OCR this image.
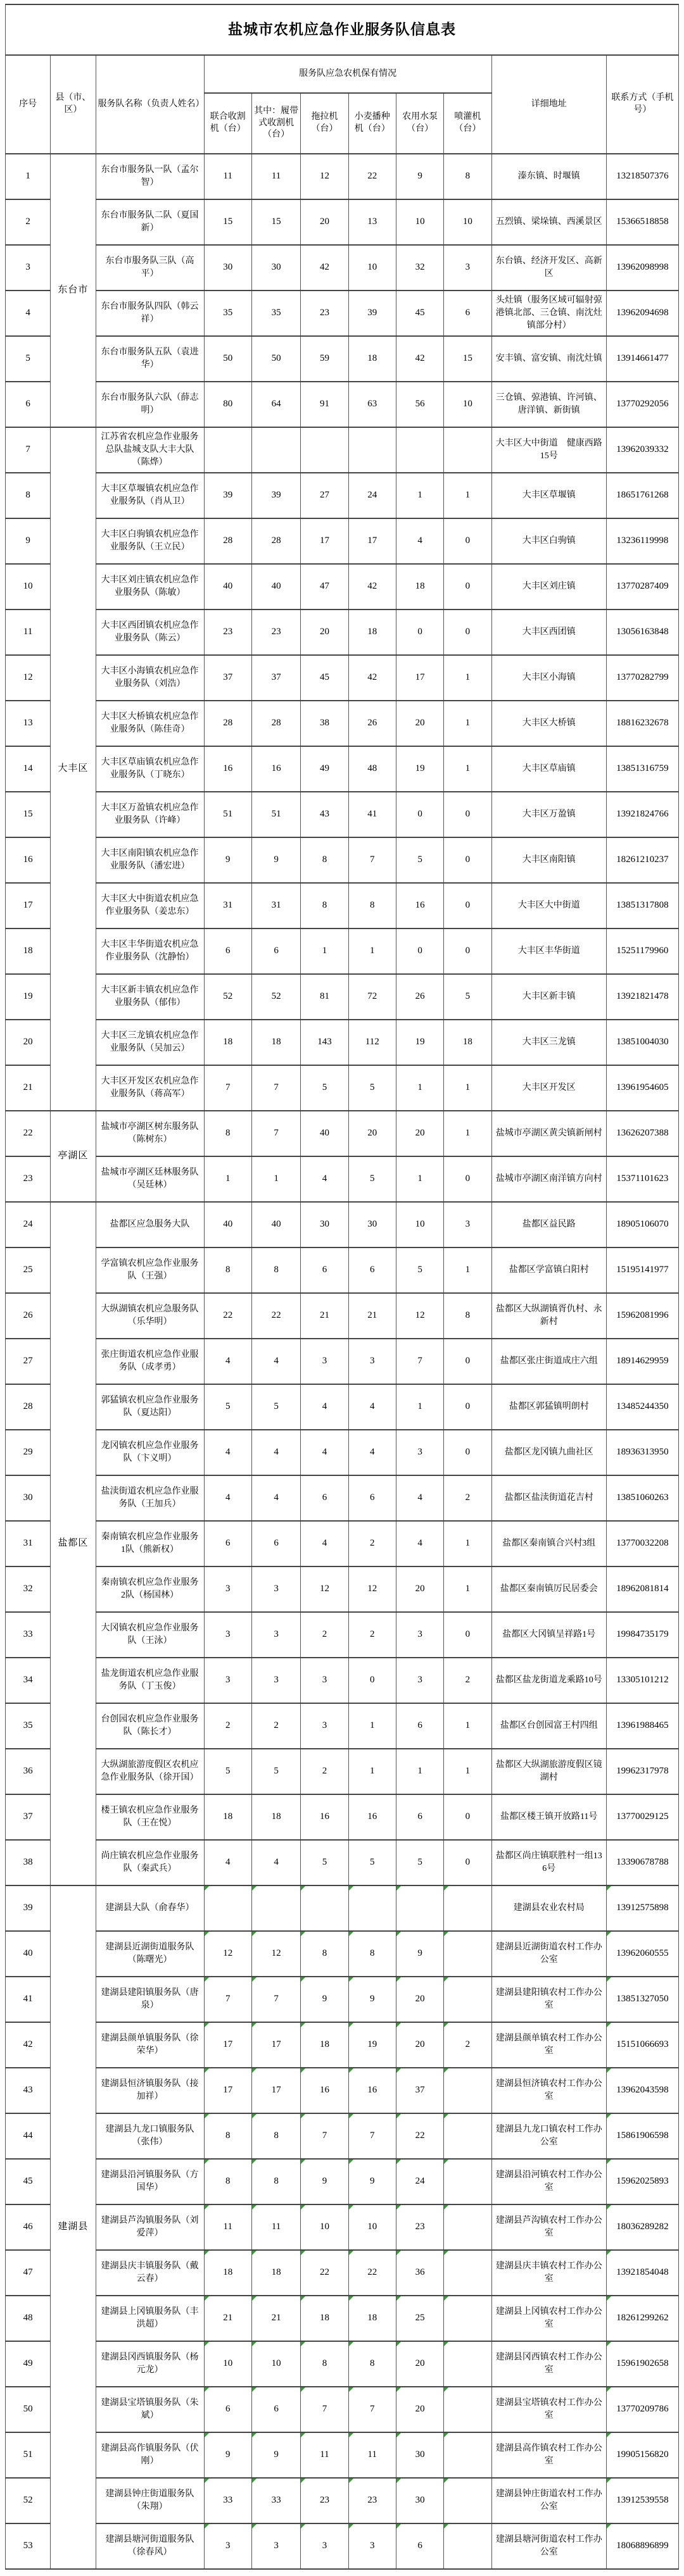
盐城市农机应急作业服务队信息表										
序号	县（市、区）	服务队名称（负责人姓名）	服务队应急农机保有情况						详细地址	联系方式（手机号）
			联合收割机（台）	其中：履带式收割机（台）	拖拉机（台）	小麦播种机（台）	农用水泵（台）	喷灌机（台）		
1	东台市	东台市服务队一队（孟尔智）	11	11	12	22	9	8	溱东镇、时堰镇	13218507376
2		东台市服务队二队（夏国新）	15	15	20	13	10	10	五烈镇、梁垛镇、西溪景区	15366518858
3		东台市服务队三队（高平）	30	30	42	10	32	3	东台镇、经济开发区、高新区	13962098998
4		东台市服务队四队（韩云祥）	35	35	23	39	45	6	头灶镇（服务区域可辐射弶港镇北部、三仓镇、南沈灶镇部分村）	13962094698
5		东台市服务队五队（袁进华）	50	50	59	18	42	15	安丰镇、富安镇、南沈灶镇	13914661477
6		东台市服务队六队（薛志明）	80	64	91	63	56	10	三仓镇、弶港镇、许河镇、唐洋镇、新街镇	13770292056
7	大丰区	江苏省农机应急作业服务总队盐城支队大丰大队（陈烨）							大丰区大中街道　健康西路15号	13962039332
8		大丰区草堰镇农机应急作业服务队（肖从卫）	39	39	27	24	1	1	大丰区草堰镇	18651761268
9		大丰区白驹镇农机应急作业服务队（王立民）	28	28	17	17	4	0	大丰区白驹镇	13236119998
10		大丰区刘庄镇农机应急作业服务队（陈敏）	40	40	47	42	18	0	大丰区刘庄镇	13770287409
11		大丰区西团镇农机应急作业服务队（陈云）	23	23	20	18	0	0	大丰区西团镇	13056163848
12		大丰区小海镇农机应急作业服务队（刘浩）	37	37	45	42	17	1	大丰区小海镇	13770282799
13		大丰区大桥镇农机应急作业服务队（陈佳奇）	28	28	38	26	20	1	大丰区大桥镇	18816232678
14		大丰区草庙镇农机应急作业服务队（丁晓东）	16	16	49	48	19	1	大丰区草庙镇	13851316759
15		大丰区万盈镇农机应急作业服务队（许峰）	51	51	43	41	0	0	大丰区万盈镇	13921824766
16		大丰区南阳镇农机应急作业服务队（潘宏进）	9	9	8	7	5	0	大丰区南阳镇	18261210237
17		大丰区大中街道农机应急作业服务队（姜忠东）	31	31	8	8	16	0	大丰区大中街道	13851317808
18		大丰区丰华街道农机应急作业服务队（沈静怡）	6	6	1	1	0	0	大丰区丰华街道	15251179960
19		大丰区新丰镇农机应急作业服务队（郁伟）	52	52	81	72	26	5	大丰区新丰镇	13921821478
20		大丰区三龙镇农机应急作业服务队（吴加云）	18	18	143	112	19	18	大丰区三龙镇	13851004030
21		大丰区开发区农机应急作业服务队（蒋高军）	7	7	5	5	1	1	大丰区开发区	13961954605
22	亭湖区	盐城市亭湖区树东服务队（陈树东）	8	7	40	20	20	1	盐城市亭湖区黄尖镇新闸村	13626207388
23		盐城市亭湖区廷林服务队（吴廷林）	1	1	4	5	1	0	盐城市亭湖区南洋镇方向村	15371101623
24	盐都区	盐都区应急服务大队	40	40	30	30	10	3	盐都区益民路	18905106070
25		学富镇农机应急作业服务队（王强）	8	8	6	6	5	1	盐都区学富镇白阳村	15195141977
26		大纵湖镇农机应急服务队（乐华明）	22	22	21	21	12	8	盐都区大纵湖镇胥仇村、永新村	15962081996
27		张庄街道农机应急作业服务队（成孝勇）	4	4	3	3	7	0	盐都区张庄街道成庄六组	18914629959
28		郭猛镇农机应急作业服务队（夏达阳）	5	5	4	4	1	0	盐都区郭猛镇明朗村	13485244350
29		龙冈镇农机应急作业服务队（卞义明）	4	4	4	4	3	0	盐都区龙冈镇九曲社区	18936313950
30		盐渎街道农机应急作业服务队（王加兵）	4	4	6	6	4	2	盐都区盐渎街道花吉村	13851060263
31		秦南镇农机应急作业服务1队（熊新权）	6	6	4	2	4	1	盐都区秦南镇合兴村3组	13770032208
32		秦南镇农机应急作业服务2队（杨国林）	3	3	12	12	20	1	盐都区秦南镇厉民居委会	18962081814
33		大冈镇农机应急作业服务队（王泳）	3	3	2	2	3	0	盐都区大冈镇呈祥路1号	19984735179
34		盐龙街道农机应急作业服务队（丁玉俊）	3	3	3	0	3	2	盐都区盐龙街道龙乘路10号	13305101212
35		台创园农机应急作业服务队（陈长才）	2	2	3	1	6	1	盐都区台创园富王村四组	13961988465
36		大纵湖旅游度假区农机应急作业服务队（徐开国）	5	5	2	1	1	1	盐都区大纵湖旅游度假区镜湖村	19962317978
37		楼王镇农机应急作业服务队（王在悦）	18	18	16	16	6	0	盐都区楼王镇开放路11号	13770029125
38		尚庄镇农机应急作业服务队（秦武兵）	4	4	5	5	5	0	盐都区尚庄镇联胜村一组136号	13390678788
39	建湖县	建湖县大队（俞春华）							建湖县农业农村局	13912575898
40		建湖县近湖街道服务队（陈曙光）	12	12	8	8	9		建湖县近湖街道农村工作办公室	13962060555
41		建湖县建阳镇服务队（唐泉）	7	7	9	9	20		建湖县建阳镇农村工作办公室	13851327050
42		建湖县颜单镇服务队（徐荣华）	17	17	18	19	20	2	建湖县颜单镇农村工作办公室	15151066693
43		建湖县恒济镇服务队（接加祥）	17	17	16	16	37		建湖县恒济镇农村工作办公室	13962043598
44		建湖县九龙口镇服务队（张伟）	8	8	7	7	22		建湖县九龙口镇农村工作办公室	15861906598
45		建湖县沿河镇服务队（方国华）	8	8	9	9	24		建湖县沿河镇农村工作办公室	15962025893
46		建湖县芦沟镇服务队（刘爱萍）	11	11	10	10	23		建湖县芦沟镇农村工作办公室	18036289282
47		建湖县庆丰镇服务队（戴云春）	18	18	22	22	36		建湖县庆丰镇农村工作办公室	13921854048
48		建湖县上冈镇服务队（丰洪超）	21	21	18	18	25		建湖县上冈镇农村工作办公室	18261299262
49		建湖县冈西镇服务队（杨元龙）	10	10	8	8	20		建湖县冈西镇农村工作办公室	15961902658
50		建湖县宝塔镇服务队（朱斌）	6	6	7	7	20		建湖县宝塔镇农村工作办公室	13770209786
51		建湖县高作镇服务队（伏刚）	9	9	11	11	30		建湖县高作镇农村工作办公室	19905156820
52		建湖县钟庄街道服务队（朱翔）	33	33	23	23	30		建湖县钟庄街道农村工作办公室	13912539558
53		建湖县塘河街道服务队（徐春风）	3	3	3	3	6		建湖县塘河街道农村工作办公室	18068896899
